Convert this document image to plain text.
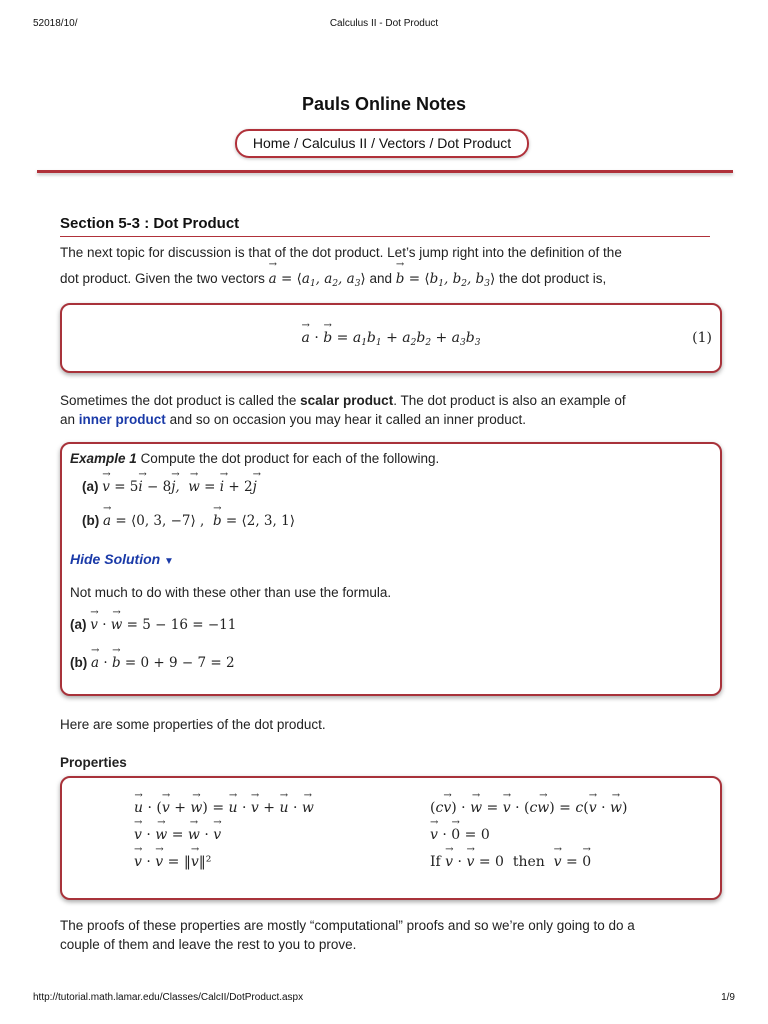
52018/10/	Calculus II - Dot Product
Pauls Online Notes
Home / Calculus II / Vectors / Dot Product
Section 5-3 : Dot Product
The next topic for discussion is that of the dot product. Let’s jump right into the definition of the
dot product. Given the two vectors → $a = ⟨a_1$, $a_2$, $a_3⟩$ and → $b = ⟨b_1$, $b_2$, $b_3⟩$ the dot product is,
→ a · → $b = a_1b_1 + a_2b_2 + a_3b_3$	(1)
Sometimes the dot product is called the scalar product. The dot product is also an example of
an inner product and so on occasion you may hear it called an inner product.
Example 1 Compute the dot product for each of the following.
(a) → v = 5→ i − 8→ j,  → w = → i + 2→ j
(b) → a = ⟨0, 3, −7⟩ , → b = ⟨2, 3, 1⟩
Hide Solution ▼
Not much to do with these other than use the formula.
(a) → v · → w = 5 − 16 = −11
(b) → a · → b = 0 + 9 − 7 = 2
Here are some properties of the dot product.
Properties
→ u · (→ v + → w) = → u · → v + → u · → w
→ v · → w = → w · → v
→ v · → v = ‖→ v‖²
(c→ v) · → w = → v · (c→ w) = c(→ v · → w)
→ v · → 0 = 0
If → v · → v = 0  then → v = → 0
The proofs of these properties are mostly “computational” proofs and so we’re only going to do a
couple of them and leave the rest to you to prove.
http://tutorial.math.lamar.edu/Classes/CalcII/DotProduct.aspx	1/9
